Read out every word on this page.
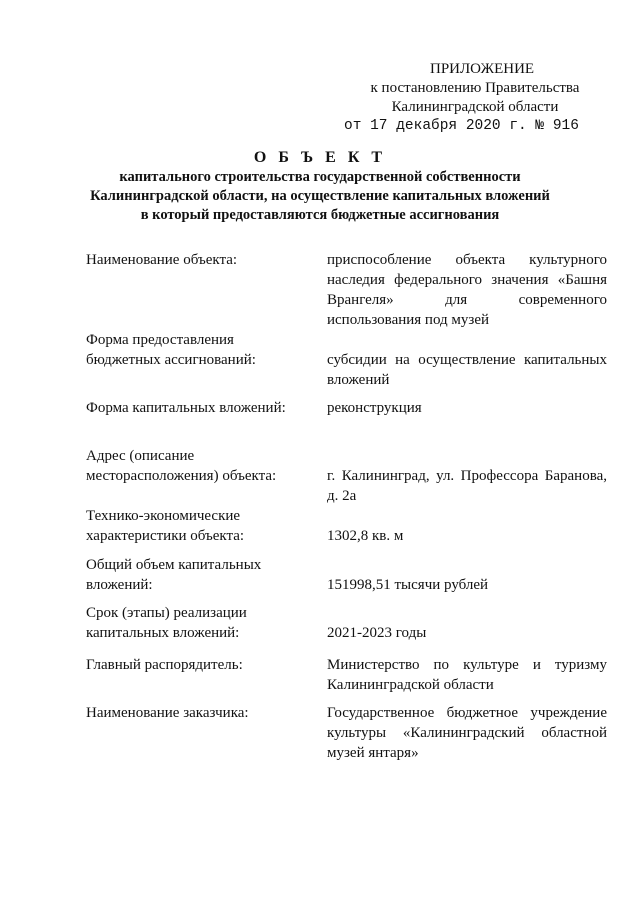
ПРИЛОЖЕНИЕ
к постановлению Правительства
Калининградской области
от 17 декабря 2020 г. № 916
О Б Ъ Е К Т
капитального строительства государственной собственности
Калининградской области, на осуществление капитальных вложений
в который предоставляются бюджетные ассигнования
Наименование объекта:	приспособление объекта культурного наследия федерального значения «Башня Врангеля» для современного использования под музей
Форма предоставления бюджетных ассигнований:	субсидии на осуществление капитальных вложений
Форма капитальных вложений:	реконструкция
Адрес (описание месторасположения) объекта:	г. Калининград, ул. Профессора Баранова, д. 2а
Технико-экономические характеристики объекта:	1302,8 кв. м
Общий объем капитальных вложений:	151998,51 тысячи рублей
Срок (этапы) реализации капитальных вложений:	2021-2023 годы
Главный распорядитель:	Министерство по культуре и туризму Калининградской области
Наименование заказчика:	Государственное бюджетное учреждение культуры «Калининградский областной музей янтаря»
